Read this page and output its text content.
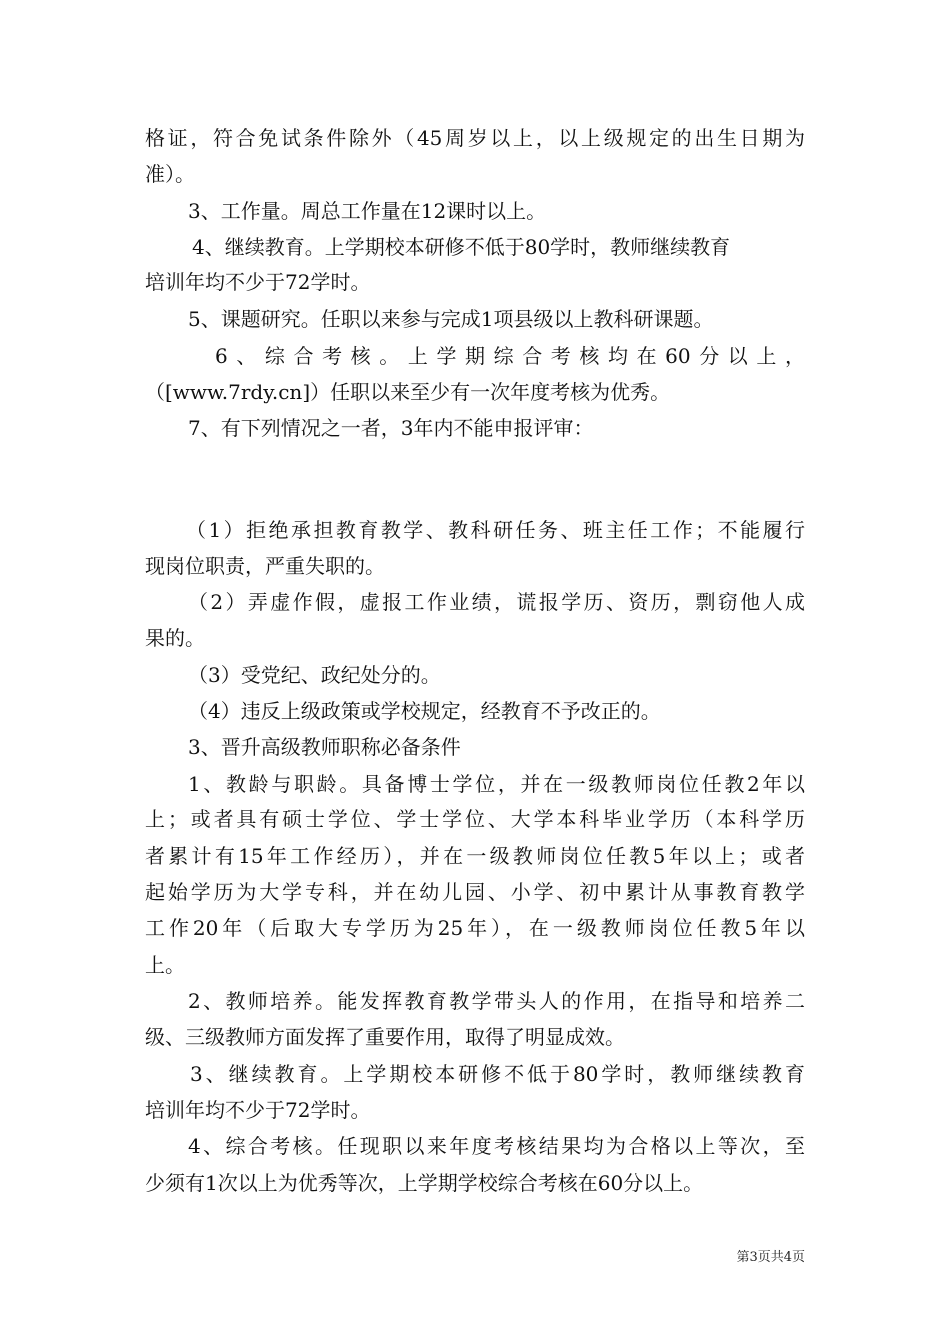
格证，符合免试条件除外（45周岁以上，以上级规定的出生日期为
准）。
3、工作量。周总工作量在12课时以上。
4、继续教育。上学期校本研修不低于80学时，教师继续教育
培训年均不少于72学时。
5、课题研究。任职以来参与完成1项县级以上教科研课题。
6、综合考核。上学期综合考核均在60分以上，
（[www.7rdy.cn]）任职以来至少有一次年度考核为优秀。
7、有下列情况之一者，3年内不能申报评审：
（1）拒绝承担教育教学、教科研任务、班主任工作；不能履行
现岗位职责，严重失职的。
（2）弄虚作假，虚报工作业绩，谎报学历、资历，剽窃他人成
果的。
（3）受党纪、政纪处分的。
（4）违反上级政策或学校规定，经教育不予改正的。
3、晋升高级教师职称必备条件
1、教龄与职龄。具备博士学位，并在一级教师岗位任教2年以
上；或者具有硕士学位、学士学位、大学本科毕业学历（本科学历
者累计有15年工作经历），并在一级教师岗位任教5年以上；或者
起始学历为大学专科，并在幼儿园、小学、初中累计从事教育教学
工作20年（后取大专学历为25年），在一级教师岗位任教5年以
上。
2、教师培养。能发挥教育教学带头人的作用，在指导和培养二
级、三级教师方面发挥了重要作用，取得了明显成效。
3、继续教育。上学期校本研修不低于80学时，教师继续教育
培训年均不少于72学时。
4、综合考核。任现职以来年度考核结果均为合格以上等次，至
少须有1次以上为优秀等次，上学期学校综合考核在60分以上。
第3页共4页
